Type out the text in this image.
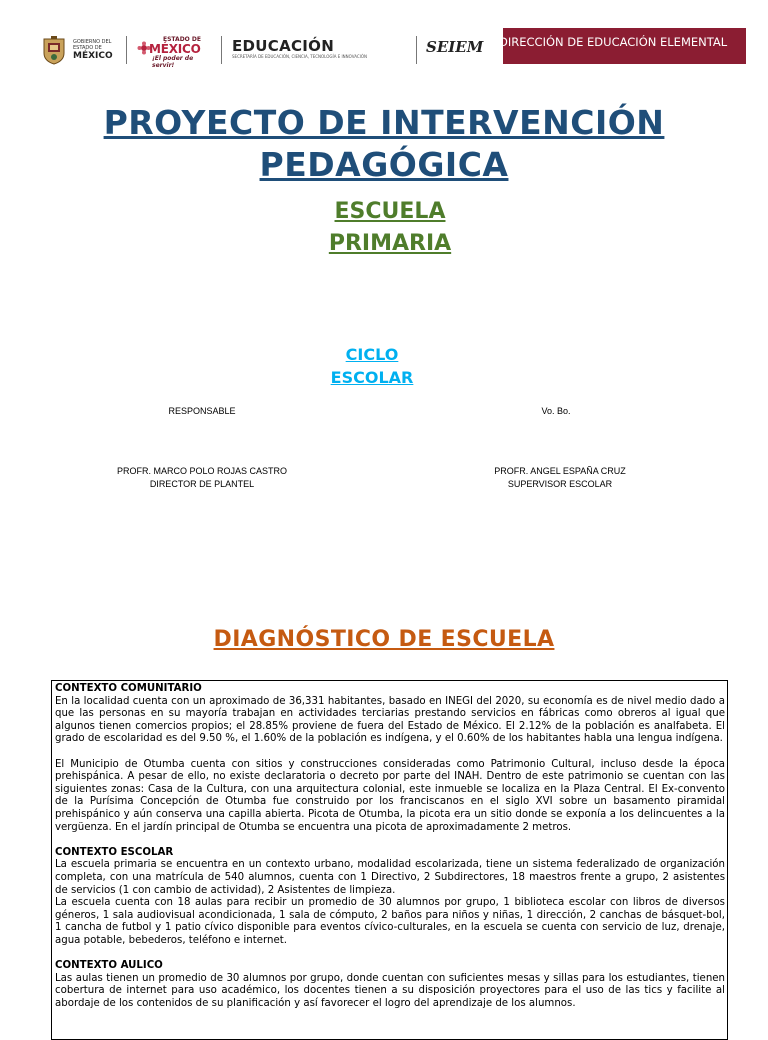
GOBIERNO DEL
ESTADO DE
MÉXICO
ESTADO DE
MÉXICO
¡El poder de servir!
EDUCACIÓN
SECRETARÍA DE EDUCACIÓN, CIENCIA, TECNOLOGÍA E INNOVACIÓN
SEIEM DIRECCIÓN DE EDUCACIÓN ELEMENTAL
PROYECTO DE INTERVENCIÓN PEDAGÓGICA
ESCUELA PRIMARIA
CICLO ESCOLAR
RESPONSABLE	Vo. Bo.
PROFR. MARCO POLO ROJAS CASTRO
DIRECTOR DE PLANTEL
PROFR. ANGEL ESPAÑA CRUZ
SUPERVISOR ESCOLAR
DIAGNÓSTICO DE ESCUELA
CONTEXTO COMUNITARIO

En la localidad cuenta con un aproximado de 36,331 habitantes, basado en INEGI del 2020, su economía es de nivel medio dado a que las personas en su mayoría trabajan en actividades terciarias prestando servicios en fábricas como obreros al igual que algunos tienen comercios propios; el 28.85% proviene de fuera del Estado de México. El 2.12% de la población es analfabeta. El grado de escolaridad es del 9.50 %, el 1.60% de la población es indígena, y el 0.60% de los habitantes habla una lengua indígena.

El Municipio de Otumba cuenta con sitios y construcciones consideradas como Patrimonio Cultural, incluso desde la época prehispánica. A pesar de ello, no existe declaratoria o decreto por parte del INAH. Dentro de este patrimonio se cuentan con las siguientes zonas: Casa de la Cultura, con una arquitectura colonial, este inmueble se localiza en la Plaza Central. El Ex-convento de la Purísima Concepción de Otumba fue construido por los franciscanos en el siglo XVI sobre un basamento piramidal prehispánico y aún conserva una capilla abierta. Picota de Otumba, la picota era un sitio donde se exponía a los delincuentes a la vergüenza. En el jardín principal de Otumba se encuentra una picota de aproximadamente 2 metros.

CONTEXTO ESCOLAR

La escuela primaria se encuentra en un contexto urbano, modalidad escolarizada, tiene un sistema federalizado de organización completa, con una matrícula de 540 alumnos, cuenta con 1 Directivo, 2 Subdirectores, 18 maestros frente a grupo, 2 asistentes de servicios (1 con cambio de actividad), 2 Asistentes de limpieza.

La escuela cuenta con 18 aulas para recibir un promedio de 30 alumnos por grupo, 1 biblioteca escolar con libros de diversos géneros, 1 sala audiovisual acondicionada, 1 sala de cómputo, 2 baños para niños y niñas, 1 dirección, 2 canchas de básquet-bol, 1 cancha de futbol y 1 patio cívico disponible para eventos cívico-culturales, en la escuela se cuenta con servicio de luz, drenaje, agua potable, bebederos, teléfono e internet.

CONTEXTO AULICO

Las aulas tienen un promedio de 30 alumnos por grupo, donde cuentan con suficientes mesas y sillas para los estudiantes, tienen cobertura de internet para uso académico, los docentes tienen a su disposición proyectores para el uso de las tics y facilite al abordaje de los contenidos de su planificación y así favorecer el logro del aprendizaje de los alumnos.
